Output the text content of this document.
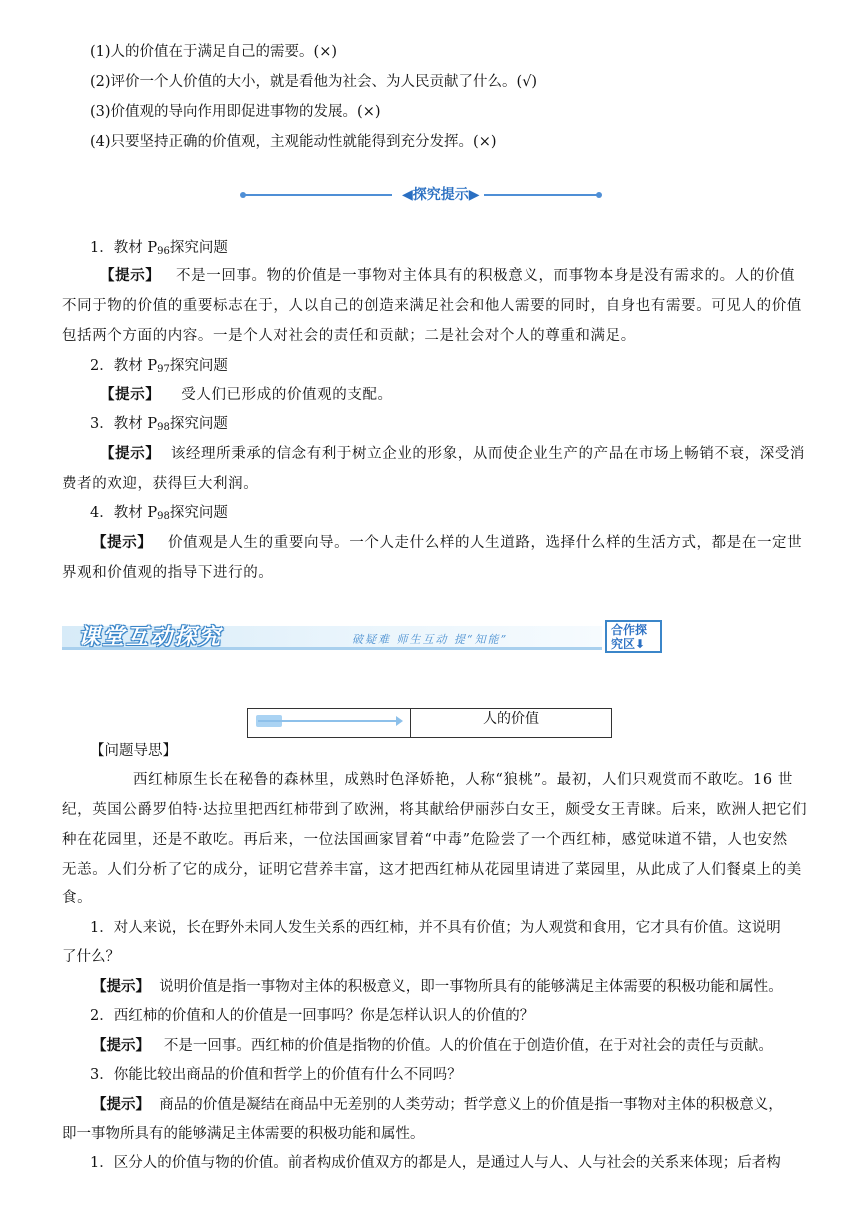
(1)人的价值在于满足自己的需要。(×)
(2)评价一个人价值的大小，就是看他为社会、为人民贡献了什么。(√)
(3)价值观的导向作用即促进事物的发展。(×)
(4)只要坚持正确的价值观，主观能动性就能得到充分发挥。(×)
◀探究提示▶
1．教材 $P_{96}$探究问题
【提示】 不是一回事。物的价值是一事物对主体具有的积极意义，而事物本身是没有需求的。人的价值
不同于物的价值的重要标志在于，人以自己的创造来满足社会和他人需要的同时，自身也有需要。可见人的价值
包括两个方面的内容。一是个人对社会的责任和贡献；二是社会对个人的尊重和满足。
2．教材 $P_{97}$探究问题
【提示】 受人们已形成的价值观的支配。
3．教材 $P_{98}$探究问题
【提示】 该经理所秉承的信念有利于树立企业的形象，从而使企业生产的产品在市场上畅销不衰，深受消
费者的欢迎，获得巨大利润。
4．教材 $P_{98}$探究问题
【提示】 价值观是人生的重要向导。一个人走什么样的人生道路，选择什么样的生活方式，都是在一定世
界观和价值观的指导下进行的。
课堂互动探究	破疑难 师生互动 提“知能”
合作探
究区⬇
人的价值
【问题导思】
西红柿原生长在秘鲁的森林里，成熟时色泽娇艳，人称“狼桃”。最初，人们只观赏而不敢吃。16 世
纪，英国公爵罗伯特·达拉里把西红柿带到了欧洲，将其献给伊丽莎白女王，颇受女王青睐。后来，欧洲人把它们
种在花园里，还是不敢吃。再后来，一位法国画家冒着“中毒”危险尝了一个西红柿，感觉味道不错，人也安然
无恙。人们分析了它的成分，证明它营养丰富，这才把西红柿从花园里请进了菜园里，从此成了人们餐桌上的美
食。
1．对人来说，长在野外未同人发生关系的西红柿，并不具有价值；为人观赏和食用，它才具有价值。这说明
了什么？
【提示】 说明价值是指一事物对主体的积极意义，即一事物所具有的能够满足主体需要的积极功能和属性。
2．西红柿的价值和人的价值是一回事吗？你是怎样认识人的价值的？
【提示】 不是一回事。西红柿的价值是指物的价值。人的价值在于创造价值，在于对社会的责任与贡献。
3．你能比较出商品的价值和哲学上的价值有什么不同吗？
【提示】 商品的价值是凝结在商品中无差别的人类劳动；哲学意义上的价值是指一事物对主体的积极意义，
即一事物所具有的能够满足主体需要的积极功能和属性。
1．区分人的价值与物的价值。前者构成价值双方的都是人，是通过人与人、人与社会的关系来体现；后者构
